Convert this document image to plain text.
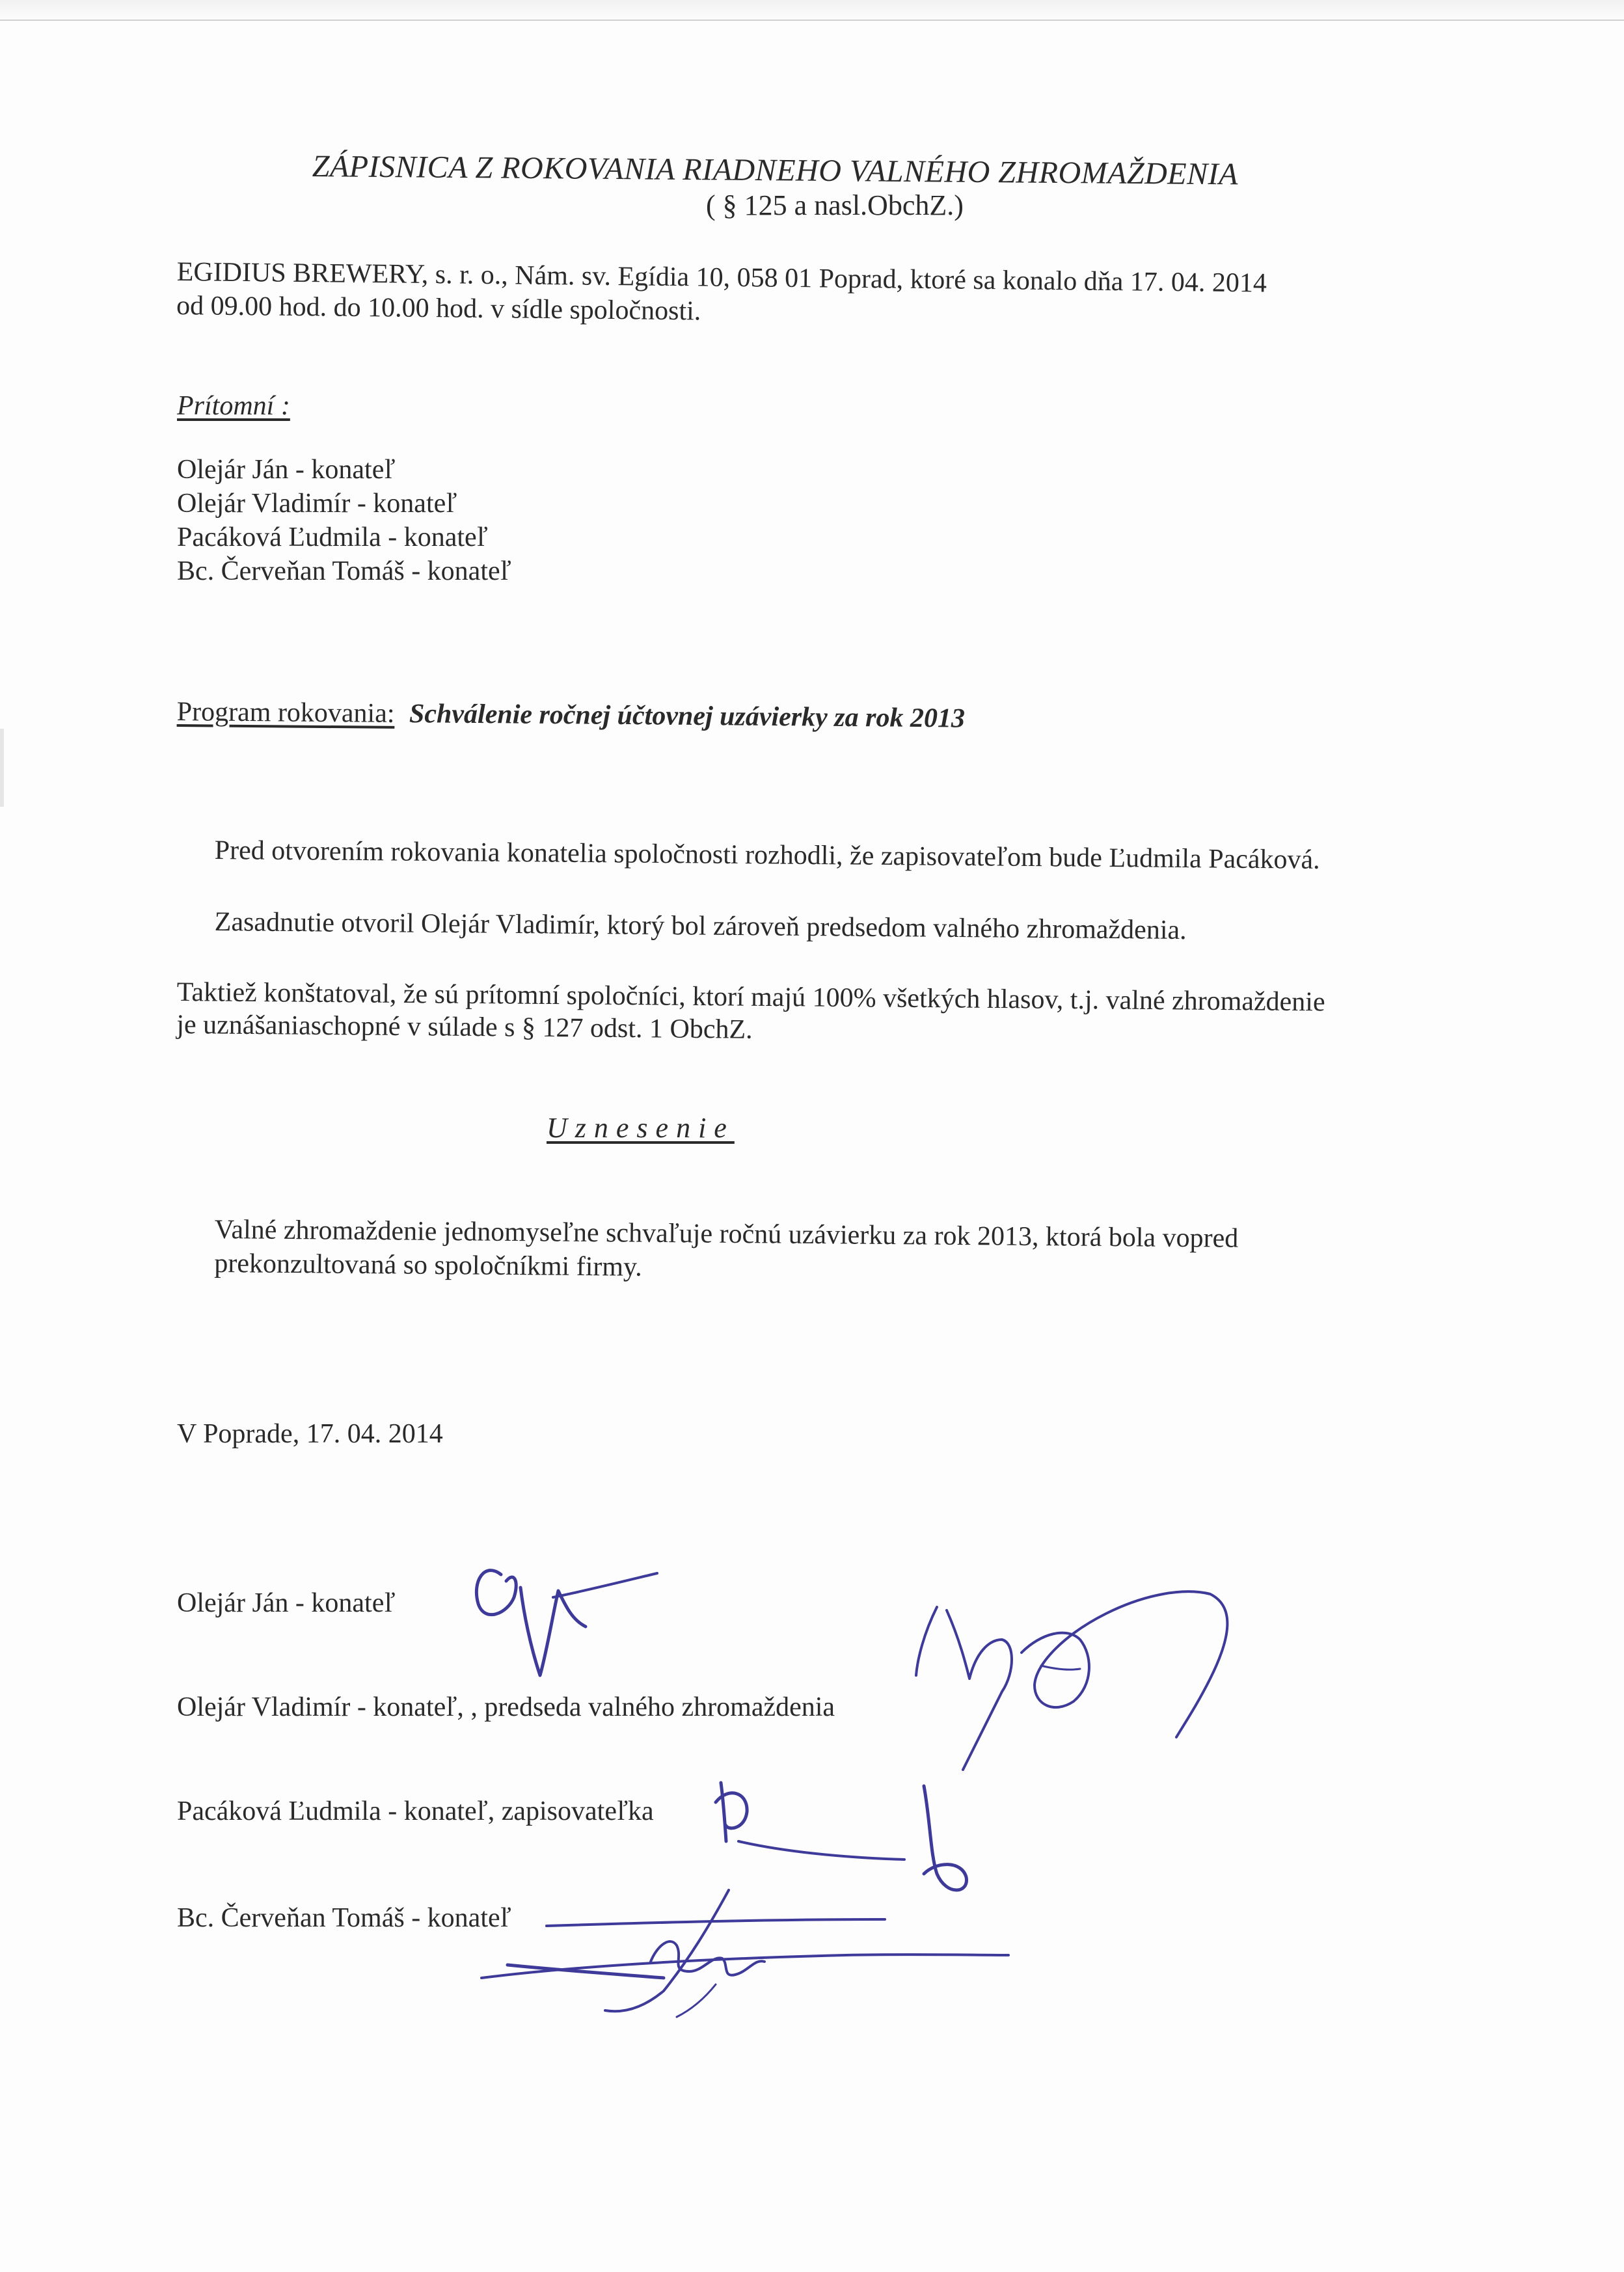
ZÁPISNICA Z ROKOVANIA RIADNEHO VALNÉHO ZHROMAŽDENIA
( § 125 a nasl.ObchZ.)

EGIDIUS BREWERY, s. r. o., Nám. sv. Egídia 10, 058 01 Poprad, ktoré sa konalo dňa 17. 04. 2014

od 09.00 hod. do 10.00 hod. v sídle spoločnosti.

Prítomní :
Olejár Ján - konateľ
Olejár Vladimír - konateľ
Pacáková Ľudmila - konateľ
Bc. Červeňan Tomáš - konateľ
Program rokovania: Schválenie ročnej účtovnej uzávierky za rok 2013
Pred otvorením rokovania konatelia spoločnosti rozhodli, že zapisovateľom bude Ľudmila Pacáková.
Zasadnutie otvoril Olejár Vladimír, ktorý bol zároveň predsedom valného zhromaždenia.
Taktiež konštatoval, že sú prítomní spoločníci, ktorí majú 100% všetkých hlasov, t.j. valné zhromaždenie
je uznášaniaschopné v súlade s § 127 odst. 1 ObchZ.
Uznesenie

Valné zhromaždenie jednomyseľne schvaľuje ročnú uzávierku za rok 2013, ktorá bola vopred

prekonzultovaná so spoločníkmi firmy.

V Poprade, 17. 04. 2014
Olejár Ján - konateľ
Olejár Vladimír - konateľ, , predseda valného zhromaždenia
Pacáková Ľudmila - konateľ, zapisovateľka
Bc. Červeňan Tomáš - konateľ
